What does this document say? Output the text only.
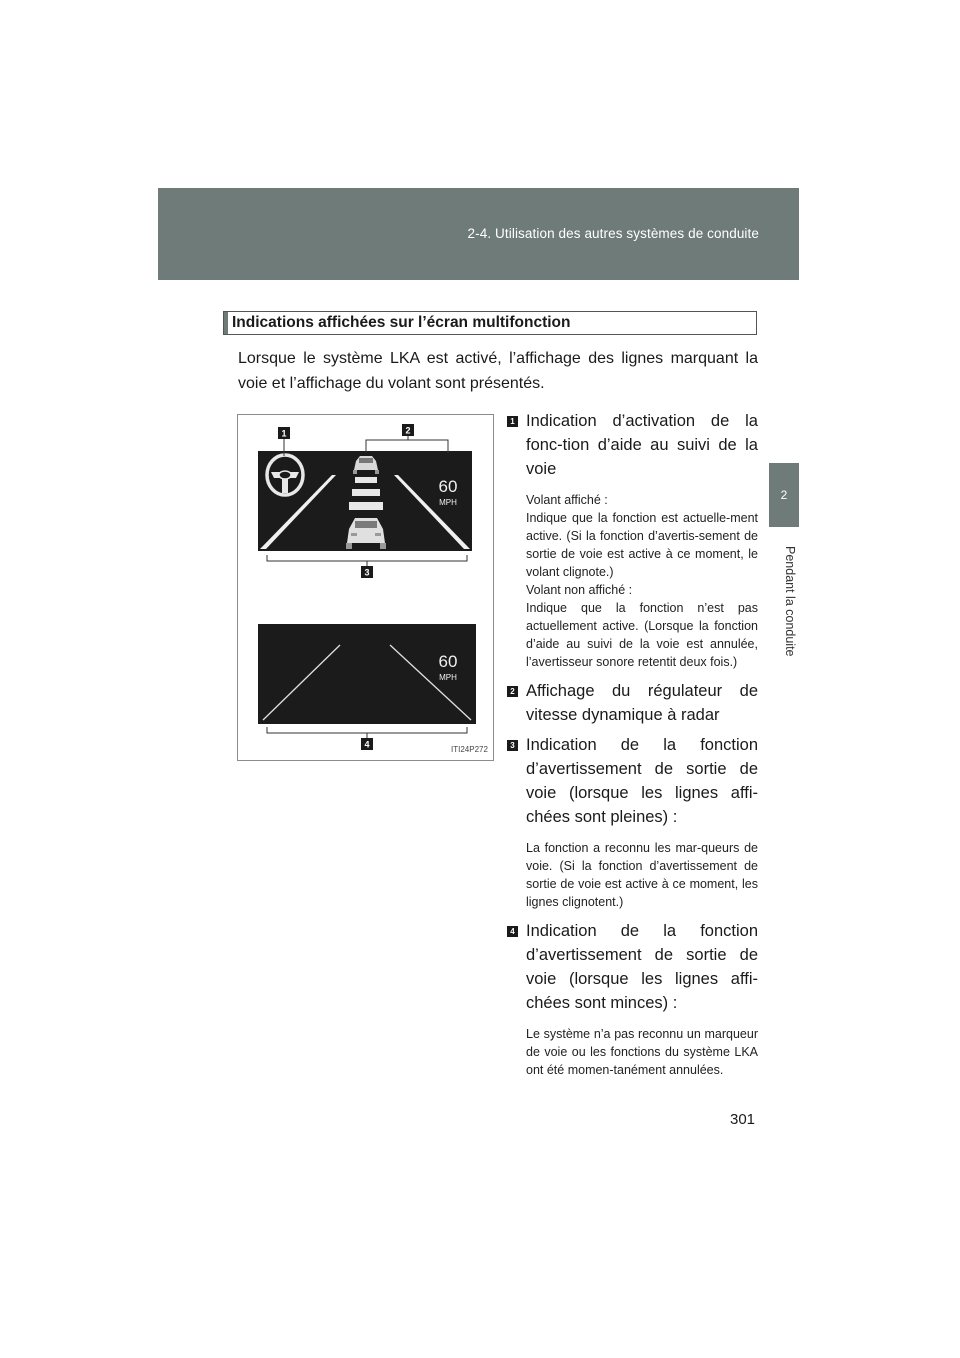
2-4. Utilisation des autres systèmes de conduite
2
Pendant la conduite
Indications affichées sur l’écran multifonction
Lorsque le système LKA est activé, l’affichage des lignes marquant la voie et l’affichage du volant sont présentés.
60
MPH
1	2
3
60
MPH
4	ITI24P272
1 Indication d’activation de la fonc-tion d’aide au suivi de la voie

Volant affiché :
Indique que la fonction est actuelle-ment active. (Si la fonction d’avertis-sement de sortie de voie est active à ce moment, le volant clignote.)
Volant non affiché :
Indique que la fonction n’est pas actuellement active. (Lorsque la fonction d’aide au suivi de la voie est annulée, l’avertisseur sonore retentit deux fois.)

2 Affichage du régulateur de vitesse dynamique à radar

3 Indication de la fonction d’avertissement de sortie de voie (lorsque les lignes affi-chées sont pleines) :

La fonction a reconnu les mar-queurs de voie. (Si la fonction d’avertissement de sortie de voie est active à ce moment, les lignes clignotent.)

4 Indication de la fonction d’avertissement de sortie de voie (lorsque les lignes affi-chées sont minces) :

Le système n’a pas reconnu un marqueur de voie ou les fonctions du système LKA ont été momen-tanément annulées.

301
